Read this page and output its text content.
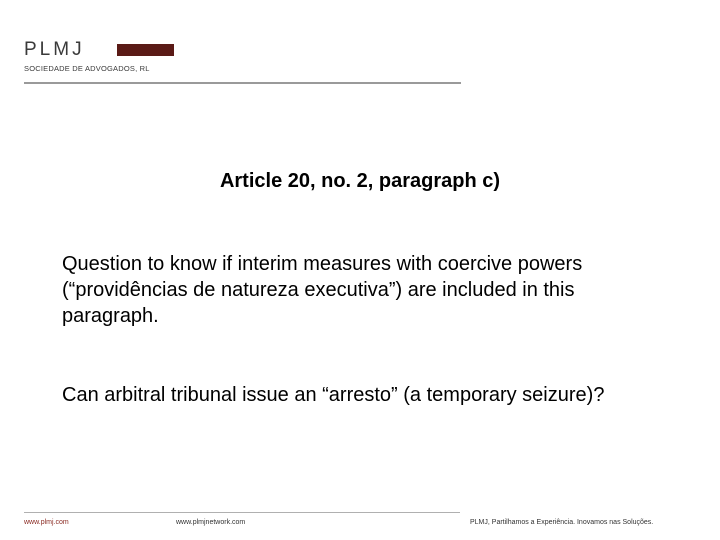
PLMJ
SOCIEDADE DE ADVOGADOS, RL
Article 20, no. 2, paragraph c)

Question to know if interim measures with coercive powers (“providências de natureza executiva”) are included in this paragraph.

Can arbitral tribunal issue an “arresto” (a temporary seizure)?

www.plmj.com	www.plmjnetwork.com	PLMJ, Partilhamos a Experiência. Inovamos nas Soluções.
